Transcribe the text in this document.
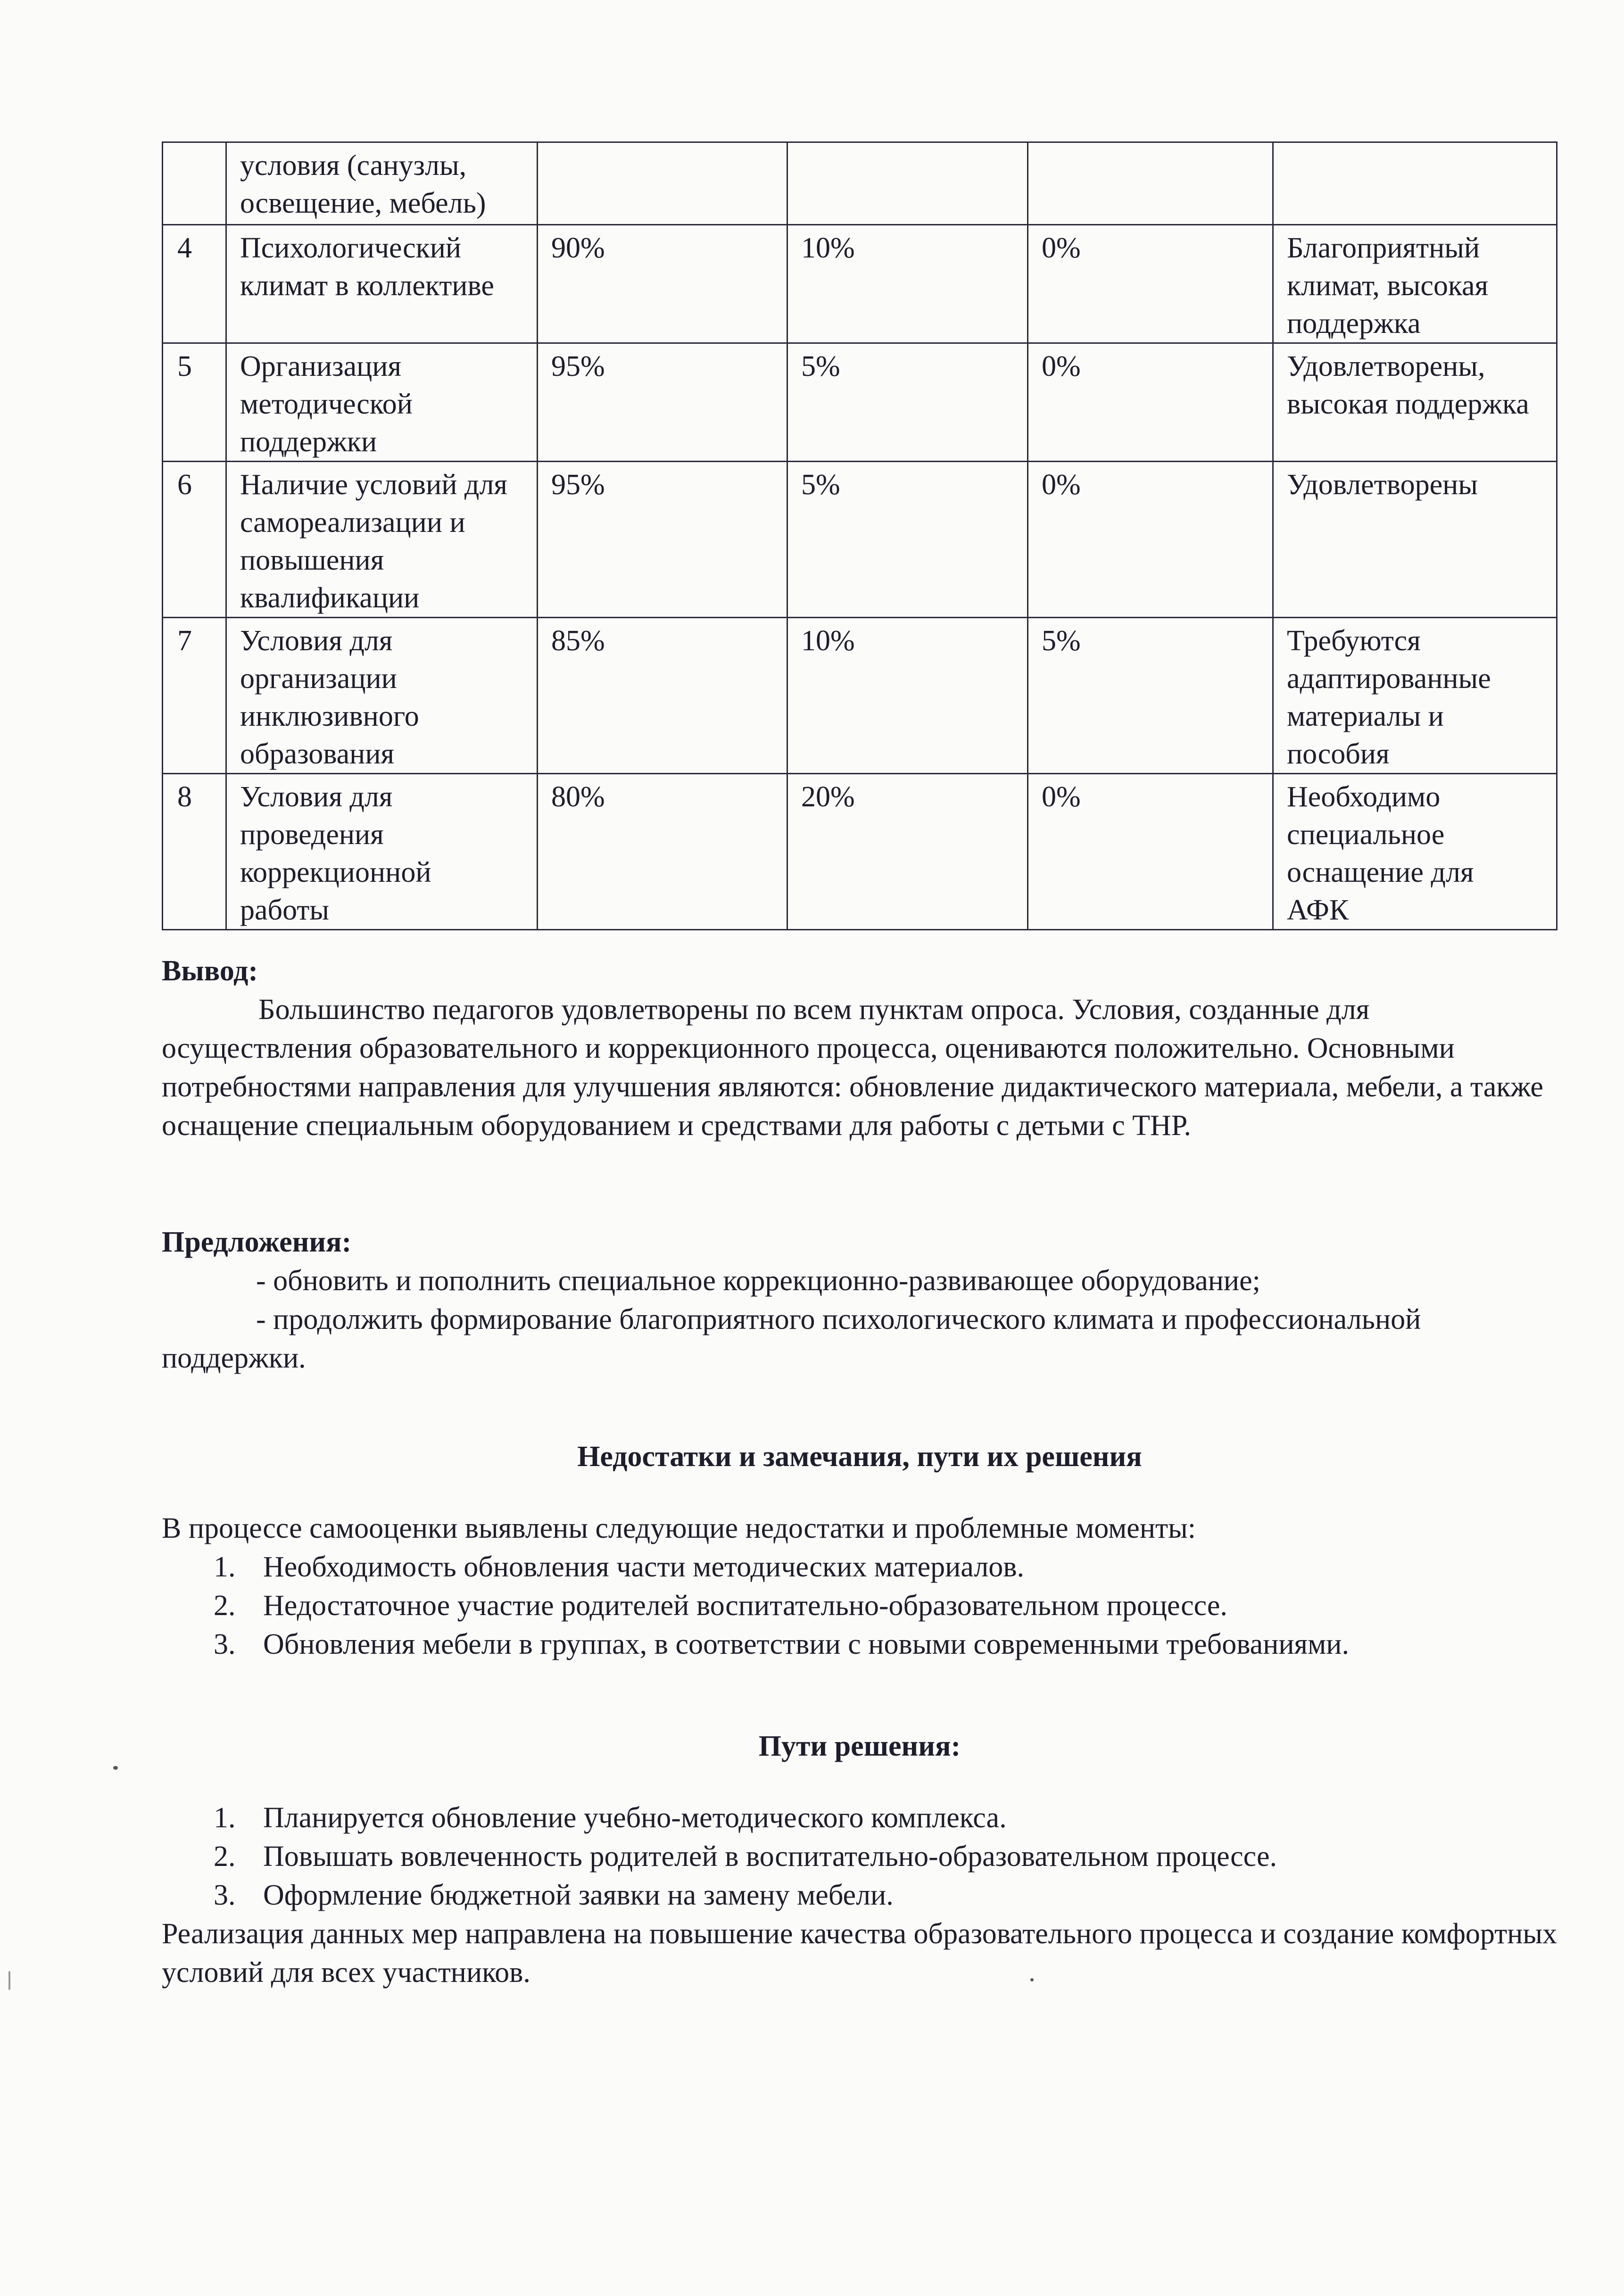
	условия (санузлы, освещение, мебель)				
4	Психологический климат в коллективе	90%	10%	0%	Благоприятный климат, высокая поддержка
5	Организация методической поддержки	95%	5%	0%	Удовлетворены, высокая поддержка
6	Наличие условий для самореализации и повышения квалификации	95%	5%	0%	Удовлетворены
7	Условия для организации инклюзивного образования	85%	10%	5%	Требуются адаптированные материалы и пособия
8	Условия для проведения коррекционной работы	80%	20%	0%	Необходимо специальное оснащение для АФК

Вывод:

Большинство педагогов удовлетворены по всем пунктам опроса. Условия, созданные для осуществления образовательного и коррекционного процесса, оцениваются положительно. Основными потребностями направления для улучшения являются: обновление дидактического материала, мебели, а также оснащение специальным оборудованием и средствами для работы с детьми с ТНР.

Предложения:

- обновить и пополнить специальное коррекционно-развивающее оборудование;

- продолжить формирование благоприятного психологического климата и профессиональной поддержки.

Недостатки и замечания, пути их решения

В процессе самооценки выявлены следующие недостатки и проблемные моменты:

1. Необходимость обновления части методических материалов.
2. Недостаточное участие родителей воспитательно-образовательном процессе.
3. Обновления мебели в группах, в соответствии с новыми современными требованиями.

Пути решения:

1. Планируется обновление учебно-методического комплекса.
2. Повышать вовлеченность родителей в воспитательно-образовательном процессе.
3. Оформление бюджетной заявки на замену мебели.

Реализация данных мер направлена на повышение качества образовательного процесса и создание комфортных условий для всех участников.
